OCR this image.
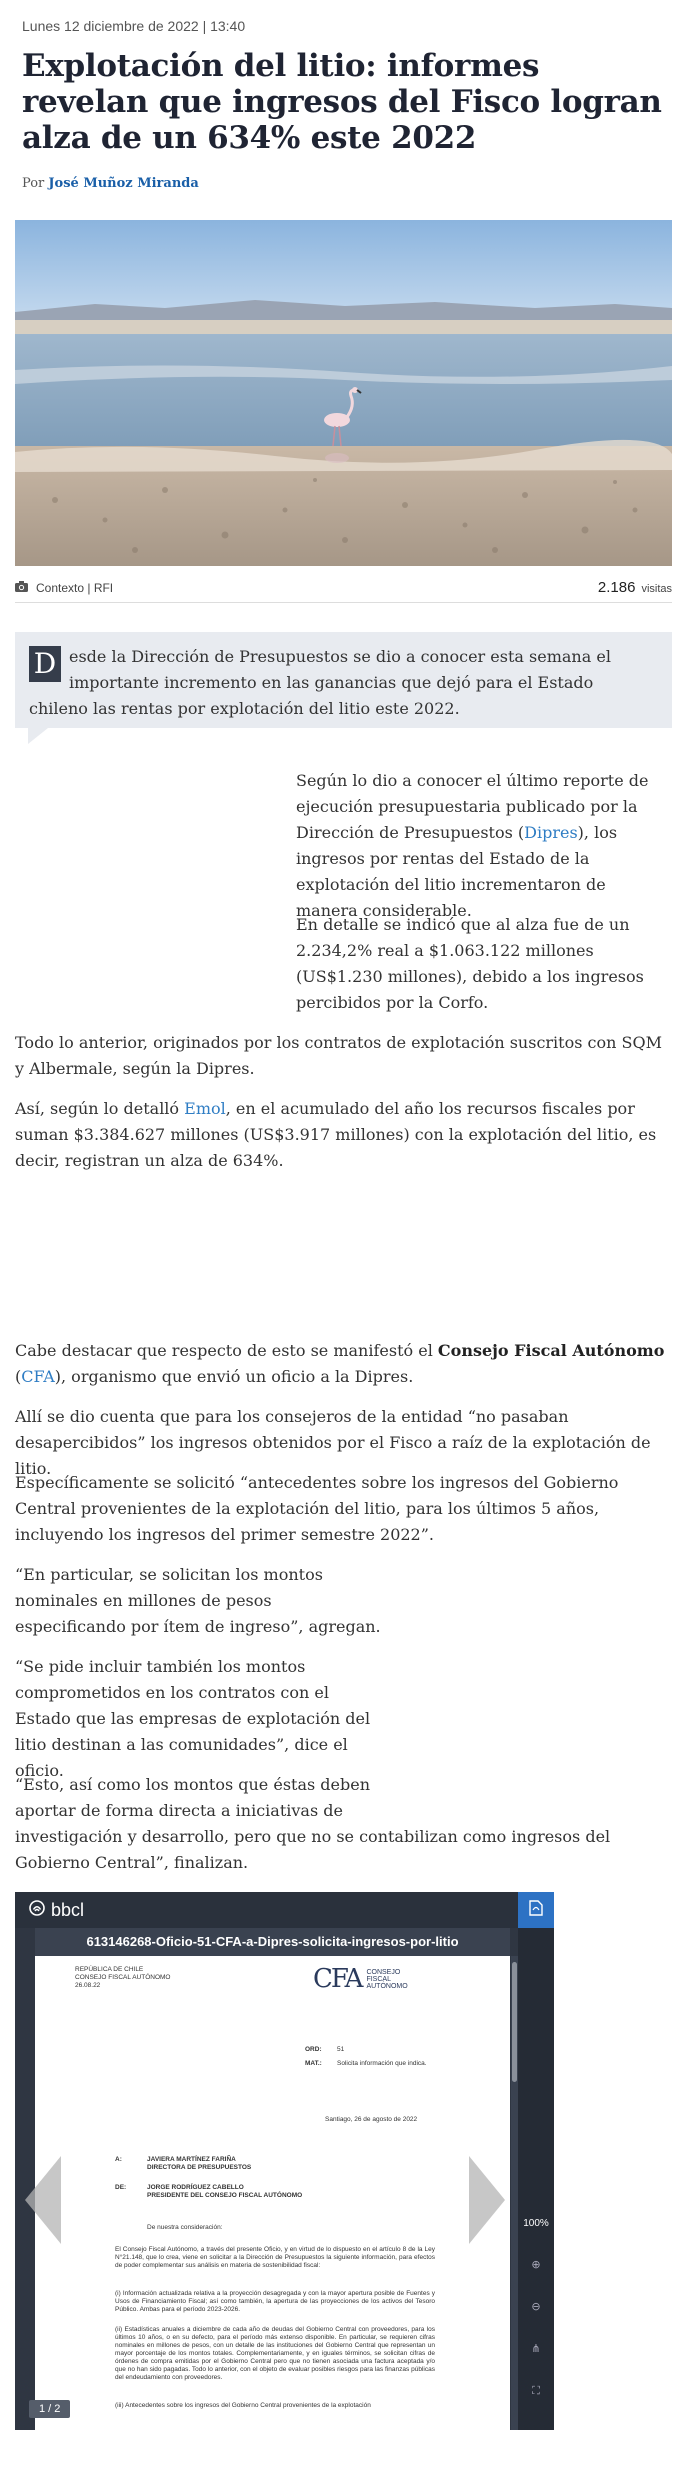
Lunes 12 diciembre de 2022 | 13:40
Explotación del litio: informes revelan que ingresos del Fisco logran alza de un 634% este 2022
Por José Muñoz Miranda
Contexto | RFI	2.186 visitas
D esde la Dirección de Presupuestos se dio a conocer esta semana el importante incremento en las ganancias que dejó para el Estado chileno las rentas por explotación del litio este 2022.

Según lo dio a conocer el último reporte de ejecución presupuestaria publicado por la Dirección de Presupuestos (Dipres), los ingresos por rentas del Estado de la explotación del litio incrementaron de manera considerable.

En detalle se indicó que al alza fue de un 2.234,2% real a $1.063.122 millones (US$1.230 millones), debido a los ingresos percibidos por la Corfo.

Todo lo anterior, originados por los contratos de explotación suscritos con SQM y Albermale, según la Dipres.

Así, según lo detalló Emol, en el acumulado del año los recursos fiscales por suman $3.384.627 millones (US$3.917 millones) con la explotación del litio, es decir, registran un alza de 634%.

Cabe destacar que respecto de esto se manifestó el Consejo Fiscal Autónomo (CFA), organismo que envió un oficio a la Dipres.

Allí se dio cuenta que para los consejeros de la entidad “no pasaban desapercibidos” los ingresos obtenidos por el Fisco a raíz de la explotación de litio.

Específicamente se solicitó “antecedentes sobre los ingresos del Gobierno Central provenientes de la explotación del litio, para los últimos 5 años, incluyendo los ingresos del primer semestre 2022”.

“En particular, se solicitan los montos nominales en millones de pesos especificando por ítem de ingreso”, agregan.

“Se pide incluir también los montos comprometidos en los contratos con el Estado que las empresas de explotación del litio destinan a las comunidades”, dice el oficio.

“Esto, así como los montos que éstas deben aportar de forma directa a iniciativas de
investigación y desarrollo, pero que no se contabilizan como ingresos del Gobierno Central”, finalizan.

bbcl
613146268-Oficio-51-CFA-a-Dipres-solicita-ingresos-por-litio
REPÚBLICA DE CHILE
CONSEJO FISCAL AUTÓNOMO
26.08.22	CFA CONSEJO
FISCAL
AUTÓNOMO
ORD: 51
MAT.: Solicita información que indica.
Santiago, 26 de agosto de 2022
A:	JAVIERA MARTÍNEZ FARIÑA
DIRECTORA DE PRESUPUESTOS
DE:	JORGE RODRÍGUEZ CABELLO
PRESIDENTE DEL CONSEJO FISCAL AUTÓNOMO
De nuestra consideración:
El Consejo Fiscal Autónomo, a través del presente Oficio, y en virtud de lo dispuesto en el artículo 8 de la Ley N°21.148, que lo crea, viene en solicitar a la Dirección de Presupuestos la siguiente información, para efectos de poder complementar sus análisis en materia de sostenibilidad fiscal:
(i) Información actualizada relativa a la proyección desagregada y con la mayor apertura posible de Fuentes y Usos de Financiamiento Fiscal; así como también, la apertura de las proyecciones de los activos del Tesoro Público. Ambas para el período 2023-2026.
(ii) Estadísticas anuales a diciembre de cada año de deudas del Gobierno Central con proveedores, para los últimos 10 años, o en su defecto, para el período más extenso disponible. En particular, se requieren cifras nominales en millones de pesos, con un detalle de las instituciones del Gobierno Central que representan un mayor porcentaje de los montos totales. Complementariamente, y en iguales términos, se solicitan cifras de órdenes de compra emitidas por el Gobierno Central pero que no tienen asociada una factura aceptada y/o que no han sido pagadas. Todo lo anterior, con el objeto de evaluar posibles riesgos para las finanzas públicas del endeudamiento con proveedores.
(iii) Antecedentes sobre los ingresos del Gobierno Central provenientes de la explotación
100%
⊕
⊖
⋔
⛶
1 / 2
